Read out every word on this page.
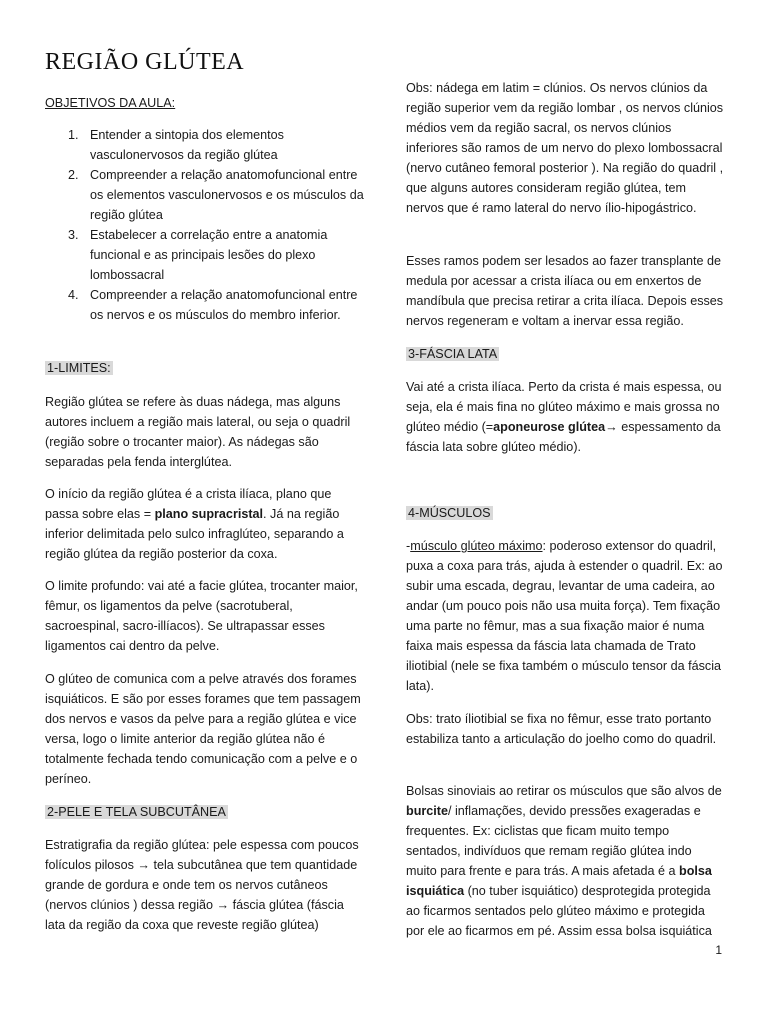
REGIÃO GLÚTEA

OBJETIVOS DA AULA:

1. Entender a sintopia dos elementos vasculonervosos da região glútea
2. Compreender a relação anatomofuncional entre os elementos vasculonervosos e os músculos da região glútea
3. Estabelecer a correlação entre a anatomia funcional e as principais lesões do plexo lombossacral
4. Compreender a relação anatomofuncional entre os nervos e os músculos do membro inferior.

1-LIMITES:

Região glútea se refere às duas nádega, mas alguns autores incluem a região mais lateral, ou seja o quadril (região sobre o trocanter maior). As nádegas são separadas pela fenda interglútea.

O início da região glútea é a crista ilíaca, plano que passa sobre elas = plano supracristal. Já na região inferior delimitada pelo sulco infraglúteo, separando a região glútea da região posterior da coxa.

O limite profundo: vai até a facie glútea, trocanter maior, fêmur, os ligamentos da pelve (sacrotuberal, sacroespinal, sacro-illíacos). Se ultrapassar esses ligamentos cai dentro da pelve.

O glúteo de comunica com a pelve através dos forames isquiáticos. E são por esses forames que tem passagem dos nervos e vasos da pelve para a região glútea e vice versa, logo o limite anterior da região glútea não é totalmente fechada tendo comunicação com a pelve e o períneo.

2-PELE E TELA SUBCUTÂNEA

Estratigrafia da região glútea: pele espessa com poucos folículos pilosos → tela subcutânea que tem quantidade grande de gordura e onde tem os nervos cutâneos (nervos clúnios ) dessa região → fáscia glútea (fáscia lata da região da coxa que reveste região glútea)

Obs: nádega em latim = clúnios. Os nervos clúnios da região superior vem da região lombar , os nervos clúnios médios vem da região sacral, os nervos clúnios inferiores são ramos de um nervo do plexo lombossacral (nervo cutâneo femoral posterior ). Na região do quadril , que alguns autores consideram região glútea, tem nervos que é ramo lateral do nervo ílio-hipogástrico.

Esses ramos podem ser lesados ao fazer transplante de medula por acessar a crista ilíaca ou em enxertos de mandíbula que precisa retirar a crita ilíaca. Depois esses nervos regeneram e voltam a inervar essa região.

3-FÁSCIA LATA

Vai até a crista ilíaca. Perto da crista é mais espessa, ou seja, ela é mais fina no glúteo máximo e mais grossa no glúteo médio (=aponeurose glútea→ espessamento da fáscia lata sobre glúteo médio).

4-MÚSCULOS

-músculo glúteo máximo: poderoso extensor do quadril, puxa a coxa para trás, ajuda à estender o quadril. Ex: ao subir uma escada, degrau, levantar de uma cadeira, ao andar (um pouco pois não usa muita força). Tem fixação uma parte no fêmur, mas a sua fixação maior é numa faixa mais espessa da fáscia lata chamada de Trato iliotibial (nele se fixa também o músculo tensor da fáscia lata).

Obs: trato íliotibial se fixa no fêmur, esse trato portanto estabiliza tanto a articulação do joelho como do quadril.

Bolsas sinoviais ao retirar os músculos que são alvos de burcite/ inflamações, devido pressões exageradas e frequentes. Ex: ciclistas que ficam muito tempo sentados, indivíduos que remam região glútea indo muito para frente e para trás. A mais afetada é a bolsa isquiática (no tuber isquiático) desprotegida protegida ao ficarmos sentados pelo glúteo máximo e protegida por ele ao ficarmos em pé. Assim essa bolsa isquiática

1
